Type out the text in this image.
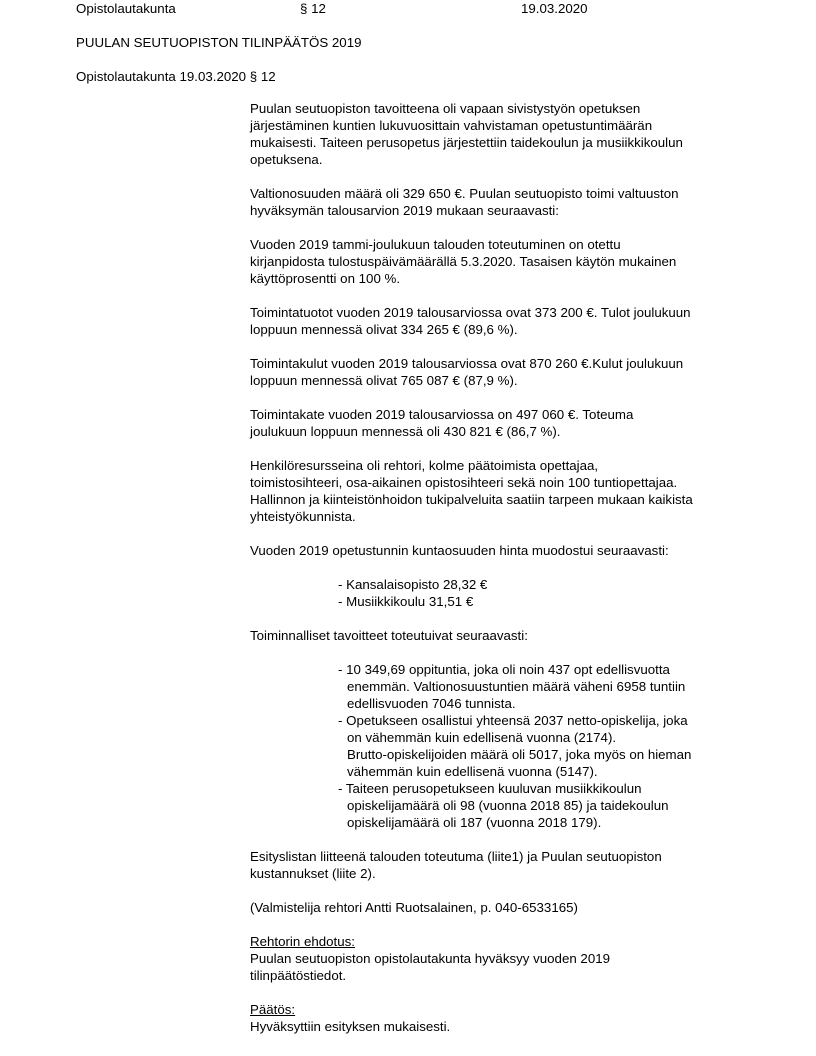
Opistolautakunta	§ 12	19.03.2020
PUULAN SEUTUOPISTON TILINPÄÄTÖS 2019
Opistolautakunta 19.03.2020 § 12

Puulan seutuopiston tavoitteena oli vapaan sivistystyön opetuksen
järjestäminen kuntien lukuvuosittain vahvistaman opetustuntimäärän
mukaisesti. Taiteen perusopetus järjestettiin taidekoulun ja musiikkikoulun
opetuksena.

Valtionosuuden määrä oli 329 650 €. Puulan seutuopisto toimi valtuuston
hyväksymän talousarvion 2019 mukaan seuraavasti:

Vuoden 2019 tammi-joulukuun talouden toteutuminen on otettu
kirjanpidosta tulostuspäivämäärällä 5.3.2020. Tasaisen käytön mukainen
käyttöprosentti on 100 %.

Toimintatuotot vuoden 2019 talousarviossa ovat 373 200 €. Tulot joulukuun
loppuun mennessä olivat 334 265 € (89,6 %).

Toimintakulut vuoden 2019 talousarviossa ovat 870 260 €.Kulut joulukuun
loppuun mennessä olivat 765 087 € (87,9 %).

Toimintakate vuoden 2019 talousarviossa on 497 060 €. Toteuma
joulukuun loppuun mennessä oli 430 821 € (86,7 %).

Henkilöresursseina oli rehtori, kolme päätoimista opettajaa,
toimistosihteeri, osa-aikainen opistosihteeri sekä noin 100 tuntiopettajaa.
Hallinnon ja kiinteistönhoidon tukipalveluita saatiin tarpeen mukaan kaikista
yhteistyökunnista.

Vuoden 2019 opetustunnin kuntaosuuden hinta muodostui seuraavasti:

- Kansalaisopisto 28,32 €
- Musiikkikoulu 31,51 €

Toiminnalliset tavoitteet toteutuivat seuraavasti:

- 10 349,69 oppituntia, joka oli noin 437 opt edellisvuotta
enemmän. Valtionosuustuntien määrä väheni 6958 tuntiin
edellisvuoden 7046 tunnista.
- Opetukseen osallistui yhteensä 2037 netto-opiskelija, joka
on vähemmän kuin edellisenä vuonna (2174).
Brutto-opiskelijoiden määrä oli 5017, joka myös on hieman
vähemmän kuin edellisenä vuonna (5147).
- Taiteen perusopetukseen kuuluvan musiikkikoulun
opiskelijamäärä oli 98 (vuonna 2018 85) ja taidekoulun
opiskelijamäärä oli 187 (vuonna 2018 179).

Esityslistan liitteenä talouden toteutuma (liite1) ja Puulan seutuopiston
kustannukset (liite 2).

(Valmistelija rehtori Antti Ruotsalainen, p. 040-6533165)

Rehtorin ehdotus:

Puulan seutuopiston opistolautakunta hyväksyy vuoden 2019
tilinpäätöstiedot.

Päätös:

Hyväksyttiin esityksen mukaisesti.
